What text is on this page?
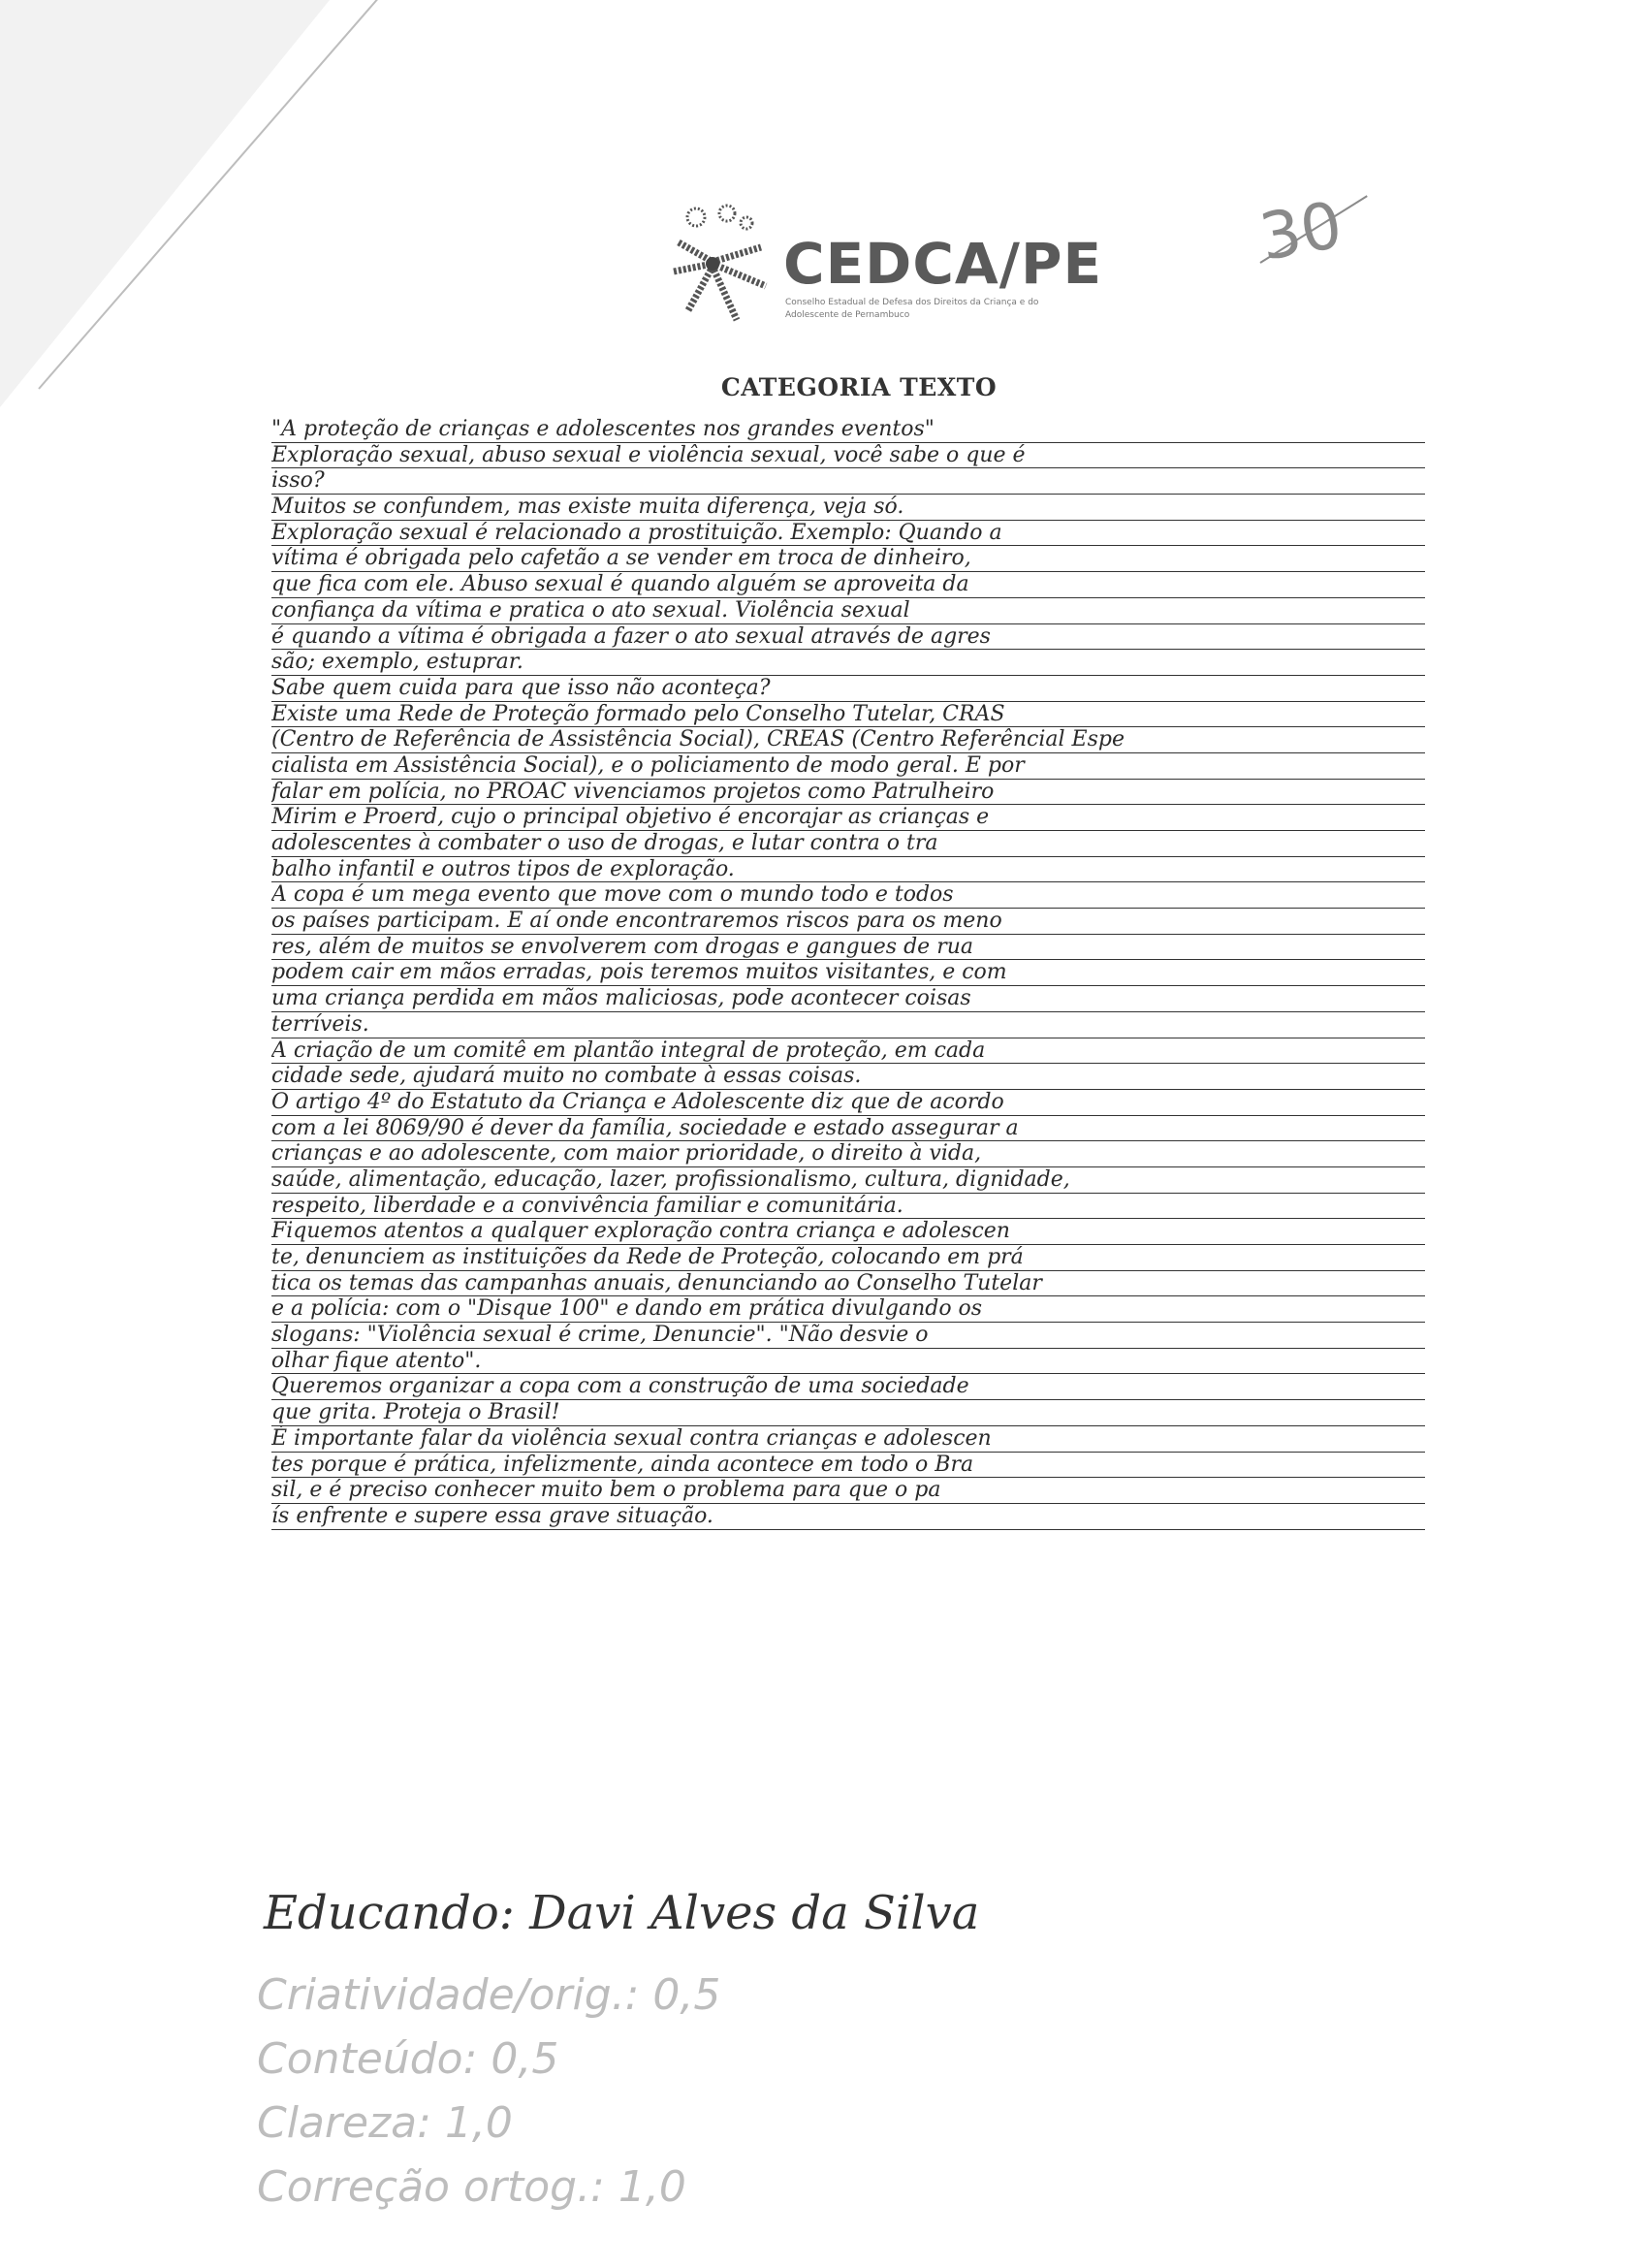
CEDCA/PE
Conselho Estadual de Defesa dos Direitos da Criança e do Adolescente de Pernambuco
30
CATEGORIA TEXTO
"A proteção de crianças e adolescentes nos grandes eventos"
Exploração sexual, abuso sexual e violência sexual, você sabe o que é
isso?
Muitos se confundem, mas existe muita diferença, veja só.
Exploração sexual é relacionado a prostituição. Exemplo: Quando a
vítima é obrigada pelo cafetão a se vender em troca de dinheiro,
que fica com ele. Abuso sexual é quando alguém se aproveita da
confiança da vítima e pratica o ato sexual. Violência sexual
é quando a vítima é obrigada a fazer o ato sexual através de agres
são; exemplo, estuprar.
Sabe quem cuida para que isso não aconteça?
Existe uma Rede de Proteção formado pelo Conselho Tutelar, CRAS
(Centro de Referência de Assistência Social), CREAS (Centro Referêncial Espe
cialista em Assistência Social), e o policiamento de modo geral. E por
falar em polícia, no PROAC vivenciamos projetos como Patrulheiro
Mirim e Proerd, cujo o principal objetivo é encorajar as crianças e
adolescentes à combater o uso de drogas, e lutar contra o tra
balho infantil e outros tipos de exploração.
A copa é um mega evento que move com o mundo todo e todos
os países participam. E aí onde encontraremos riscos para os meno
res, além de muitos se envolverem com drogas e gangues de rua
podem cair em mãos erradas, pois teremos muitos visitantes, e com
uma criança perdida em mãos maliciosas, pode acontecer coisas
terríveis.
A criação de um comitê em plantão integral de proteção, em cada
cidade sede, ajudará muito no combate à essas coisas.
O artigo 4º do Estatuto da Criança e Adolescente diz que de acordo
com a lei 8069/90 é dever da família, sociedade e estado assegurar a
crianças e ao adolescente, com maior prioridade, o direito à vida,
saúde, alimentação, educação, lazer, profissionalismo, cultura, dignidade,
respeito, liberdade e a convivência familiar e comunitária.
Fiquemos atentos a qualquer exploração contra criança e adolescen
te, denunciem as instituições da Rede de Proteção, colocando em prá
tica os temas das campanhas anuais, denunciando ao Conselho Tutelar
e a polícia: com o "Disque 100" e dando em prática divulgando os
slogans: "Violência sexual é crime, Denuncie". "Não desvie o
olhar fique atento".
Queremos organizar a copa com a construção de uma sociedade
que grita. Proteja o Brasil!
É importante falar da violência sexual contra crianças e adolescen
tes porque é prática, infelizmente, ainda acontece em todo o Bra
sil, e é preciso conhecer muito bem o problema para que o pa
ís enfrente e supere essa grave situação.
Educando: Davi Alves da Silva
Criatividade/orig.: 0,5
Conteúdo: 0,5
Clareza: 1,0
Correção ortog.: 1,0
